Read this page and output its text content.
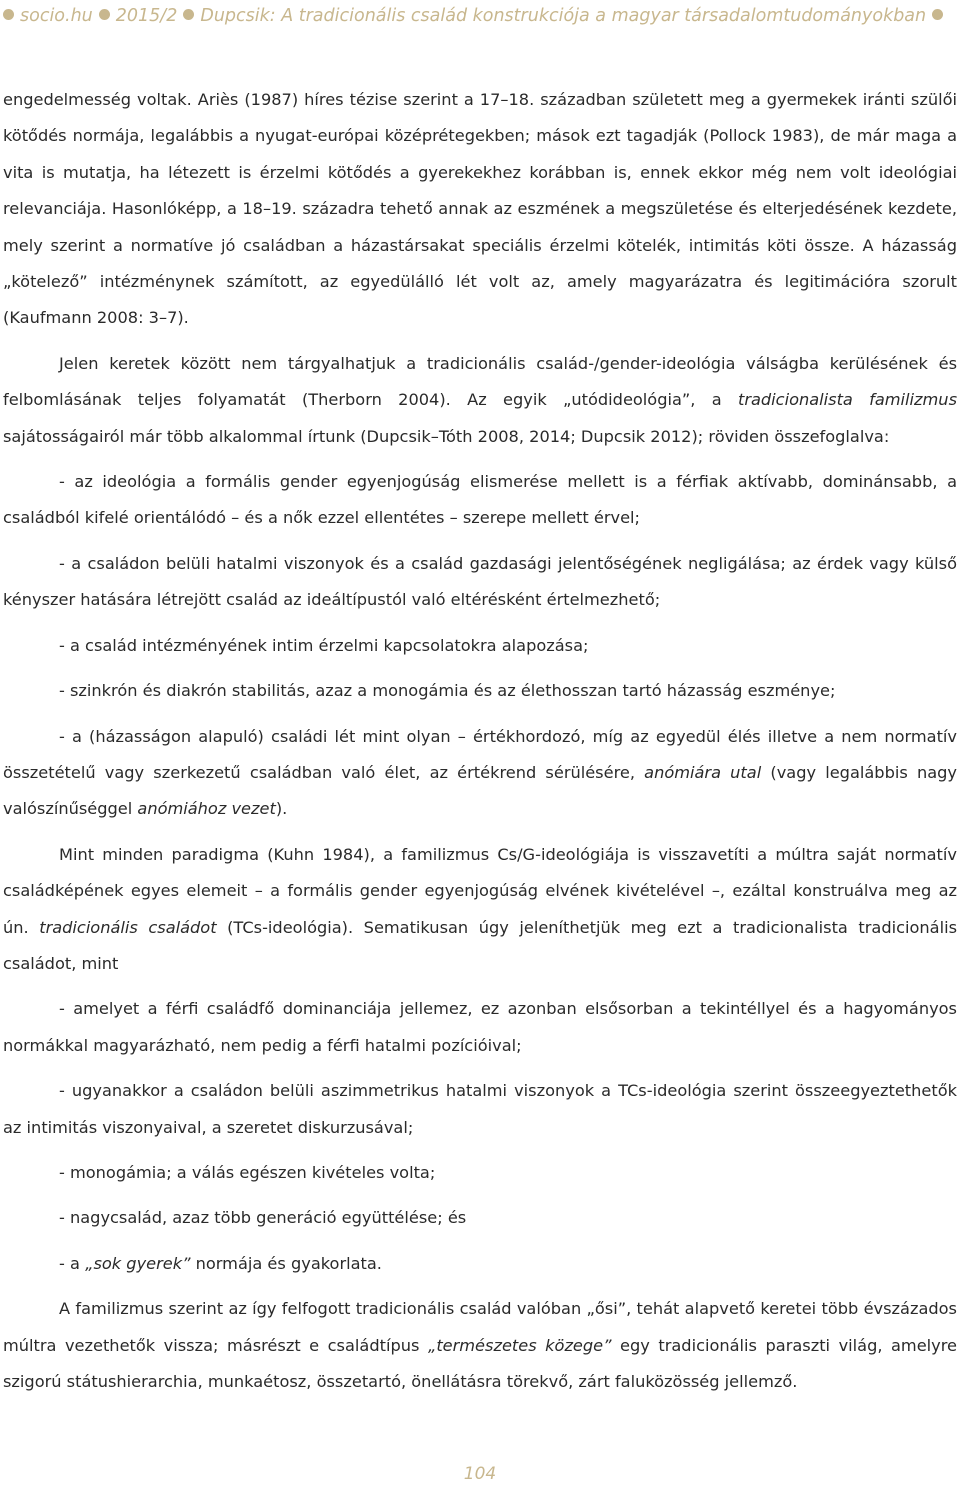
socio.hu 2015/2 Dupcsik: A tradicionális család konstrukciója a magyar társadalomtudományokban

engedelmesség voltak. Ariès (1987) híres tézise szerint a 17–18. században született meg a gyermekek iránti szülői kötődés normája, legalábbis a nyugat-európai középrétegekben; mások ezt tagadják (Pollock 1983), de már maga a vita is mutatja, ha létezett is érzelmi kötődés a gyerekekhez korábban is, ennek ekkor még nem volt ideológiai relevanciája. Hasonlóképp, a 18–19. századra tehető annak az eszmének a megszületése és elterjedésének kezdete, mely szerint a normatíve jó családban a házastársakat speciális érzelmi kötelék, intimitás köti össze. A házasság „kötelező” intézménynek számított, az egyedülálló lét volt az, amely magyarázatra és legitimációra szorult (Kaufmann 2008: 3–7).

Jelen keretek között nem tárgyalhatjuk a tradicionális család-/gender-ideológia válságba kerülésének és felbomlásának teljes folyamatát (Therborn 2004). Az egyik „utódideológia”, a tradicionalista familizmus sajátosságairól már több alkalommal írtunk (Dupcsik–Tóth 2008, 2014; Dupcsik 2012); röviden összefoglalva:

- az ideológia a formális gender egyenjogúság elismerése mellett is a férfiak aktívabb, dominánsabb, a családból kifelé orientálódó – és a nők ezzel ellentétes – szerepe mellett érvel;

- a családon belüli hatalmi viszonyok és a család gazdasági jelentőségének negligálása; az érdek vagy külső kényszer hatására létrejött család az ideáltípustól való eltérésként értelmezhető;

- a család intézményének intim érzelmi kapcsolatokra alapozása;

- szinkrón és diakrón stabilitás, azaz a monogámia és az élethosszan tartó házasság eszménye;

- a (házasságon alapuló) családi lét mint olyan – értékhordozó, míg az egyedül élés illetve a nem normatív összetételű vagy szerkezetű családban való élet, az értékrend sérülésére, anómiára utal (vagy legalábbis nagy valószínűséggel anómiához vezet).

Mint minden paradigma (Kuhn 1984), a familizmus Cs/G-ideológiája is visszavetíti a múltra saját normatív családképének egyes elemeit – a formális gender egyenjogúság elvének kivételével –, ezáltal konstruálva meg az ún. tradicionális családot (TCs-ideológia). Sematikusan úgy jeleníthetjük meg ezt a tradicionalista tradicionális családot, mint

- amelyet a férfi családfő dominanciája jellemez, ez azonban elsősorban a tekintéllyel és a hagyományos normákkal magyarázható, nem pedig a férfi hatalmi pozícióival;

- ugyanakkor a családon belüli aszimmetrikus hatalmi viszonyok a TCs-ideológia szerint összeegyeztethetők az intimitás viszonyaival, a szeretet diskurzusával;

- monogámia; a válás egészen kivételes volta;

- nagycsalád, azaz több generáció együttélése; és

- a „sok gyerek” normája és gyakorlata.

A familizmus szerint az így felfogott tradicionális család valóban „ősi”, tehát alapvető keretei több évszázados múltra vezethetők vissza; másrészt e családtípus „természetes közege” egy tradicionális paraszti világ, amelyre szigorú státushierarchia, munkaétosz, összetartó, önellátásra törekvő, zárt faluközösség jellemző.

104
